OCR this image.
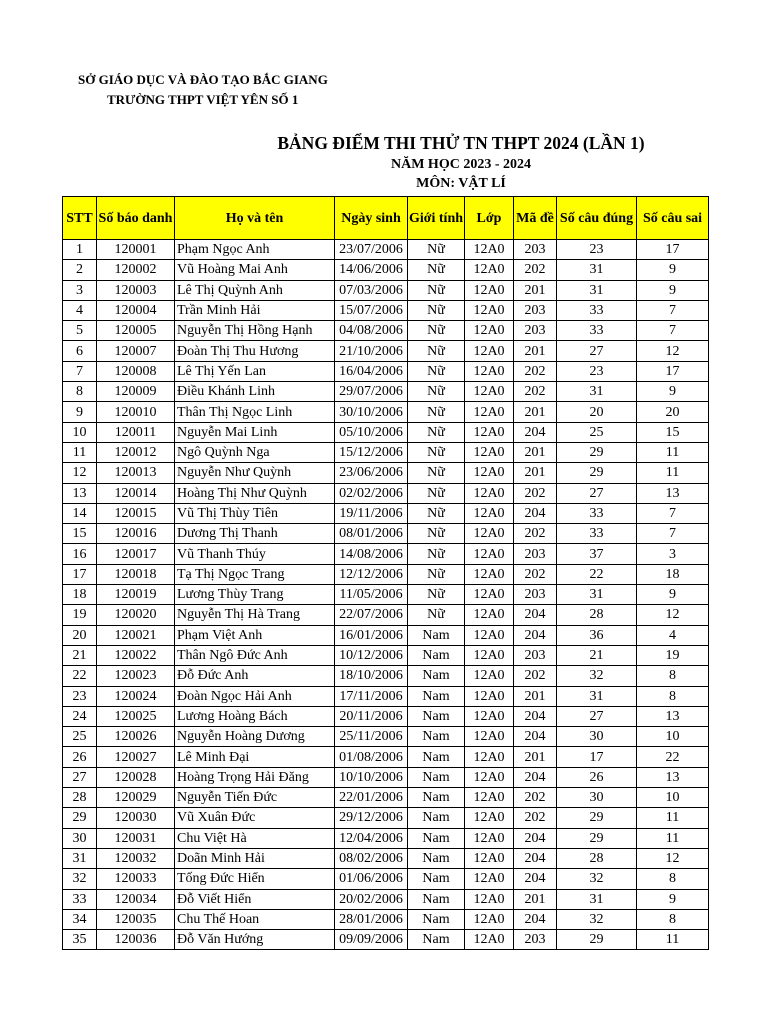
SỞ GIÁO DỤC VÀ ĐÀO TẠO BẮC GIANG
TRƯỜNG THPT VIỆT YÊN SỐ 1
BẢNG ĐIỂM THI THỬ TN THPT 2024 (LẦN 1)
NĂM HỌC 2023 - 2024
MÔN: VẬT LÍ
STT	Số báo danh	Họ và tên	Ngày sinh	Giới tính	Lớp	Mã đề	Số câu đúng	Số câu sai
1	120001	Phạm Ngọc Anh	23/07/2006	Nữ	12A0	203	23	17
2	120002	Vũ Hoàng Mai Anh	14/06/2006	Nữ	12A0	202	31	9
3	120003	Lê Thị Quỳnh Anh	07/03/2006	Nữ	12A0	201	31	9
4	120004	Trần Minh Hải	15/07/2006	Nữ	12A0	203	33	7
5	120005	Nguyễn Thị Hồng Hạnh	04/08/2006	Nữ	12A0	203	33	7
6	120007	Đoàn Thị Thu Hương	21/10/2006	Nữ	12A0	201	27	12
7	120008	Lê Thị Yến Lan	16/04/2006	Nữ	12A0	202	23	17
8	120009	Điều Khánh Linh	29/07/2006	Nữ	12A0	202	31	9
9	120010	Thân Thị Ngọc Linh	30/10/2006	Nữ	12A0	201	20	20
10	120011	Nguyễn Mai Linh	05/10/2006	Nữ	12A0	204	25	15
11	120012	Ngô Quỳnh Nga	15/12/2006	Nữ	12A0	201	29	11
12	120013	Nguyễn Như Quỳnh	23/06/2006	Nữ	12A0	201	29	11
13	120014	Hoàng Thị Như Quỳnh	02/02/2006	Nữ	12A0	202	27	13
14	120015	Vũ Thị Thùy Tiên	19/11/2006	Nữ	12A0	204	33	7
15	120016	Dương Thị Thanh	08/01/2006	Nữ	12A0	202	33	7
16	120017	Vũ Thanh Thúy	14/08/2006	Nữ	12A0	203	37	3
17	120018	Tạ Thị Ngọc Trang	12/12/2006	Nữ	12A0	202	22	18
18	120019	Lương Thùy Trang	11/05/2006	Nữ	12A0	203	31	9
19	120020	Nguyễn Thị Hà Trang	22/07/2006	Nữ	12A0	204	28	12
20	120021	Phạm Việt Anh	16/01/2006	Nam	12A0	204	36	4
21	120022	Thân Ngô Đức Anh	10/12/2006	Nam	12A0	203	21	19
22	120023	Đỗ Đức Anh	18/10/2006	Nam	12A0	202	32	8
23	120024	Đoàn Ngọc Hải Anh	17/11/2006	Nam	12A0	201	31	8
24	120025	Lương Hoàng Bách	20/11/2006	Nam	12A0	204	27	13
25	120026	Nguyễn Hoàng Dương	25/11/2006	Nam	12A0	204	30	10
26	120027	Lê Minh Đại	01/08/2006	Nam	12A0	201	17	22
27	120028	Hoàng Trọng Hải Đăng	10/10/2006	Nam	12A0	204	26	13
28	120029	Nguyễn Tiến Đức	22/01/2006	Nam	12A0	202	30	10
29	120030	Vũ Xuân Đức	29/12/2006	Nam	12A0	202	29	11
30	120031	Chu Việt Hà	12/04/2006	Nam	12A0	204	29	11
31	120032	Doãn Minh Hải	08/02/2006	Nam	12A0	204	28	12
32	120033	Tống Đức Hiển	01/06/2006	Nam	12A0	204	32	8
33	120034	Đỗ Viết Hiển	20/02/2006	Nam	12A0	201	31	9
34	120035	Chu Thế Hoan	28/01/2006	Nam	12A0	204	32	8
35	120036	Đỗ Văn Hướng	09/09/2006	Nam	12A0	203	29	11
